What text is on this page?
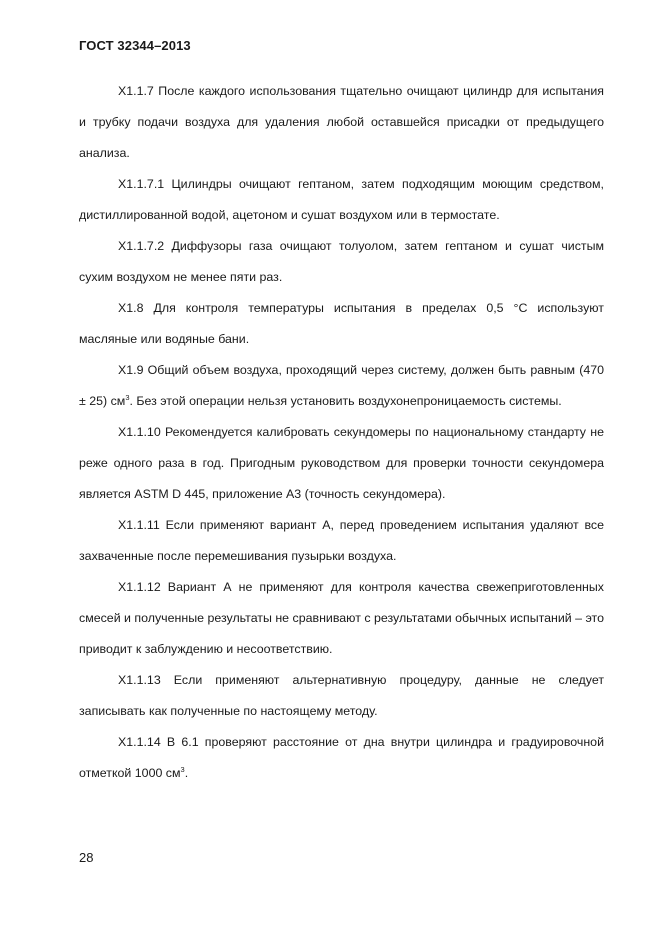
ГОСТ 32344–2013

X1.1.7 После каждого использования тщательно очищают цилиндр для испытания и трубку подачи воздуха для удаления любой оставшейся присадки от предыдущего анализа.

X1.1.7.1 Цилиндры очищают гептаном, затем подходящим моющим средством, дистиллированной водой, ацетоном и сушат воздухом или в термостате.

X1.1.7.2 Диффузоры газа очищают толуолом, затем гептаном и сушат чистым сухим воздухом не менее пяти раз.

X1.8 Для контроля температуры испытания в пределах 0,5 °С используют масляные или водяные бани.

X1.9 Общий объем воздуха, проходящий через систему, должен быть равным (470 ± 25) $см^3$. Без этой операции нельзя установить воздухонепроницаемость системы.

X1.1.10 Рекомендуется калибровать секундомеры по национальному стандарту не реже одного раза в год. Пригодным руководством для проверки точности секундомера является ASTM D 445, приложение A3 (точность секундомера).

X1.1.11 Если применяют вариант А, перед проведением испытания удаляют все захваченные после перемешивания пузырьки воздуха.

X1.1.12 Вариант А не применяют для контроля качества свежеприготовленных смесей и полученные результаты не сравнивают с результатами обычных испытаний – это приводит к заблуждению и несоответствию.

X1.1.13 Если применяют альтернативную процедуру, данные не следует записывать как полученные по настоящему методу.

X1.1.14 В 6.1 проверяют расстояние от дна внутри цилиндра и градуировочной отметкой 1000 $см^3$.

28
